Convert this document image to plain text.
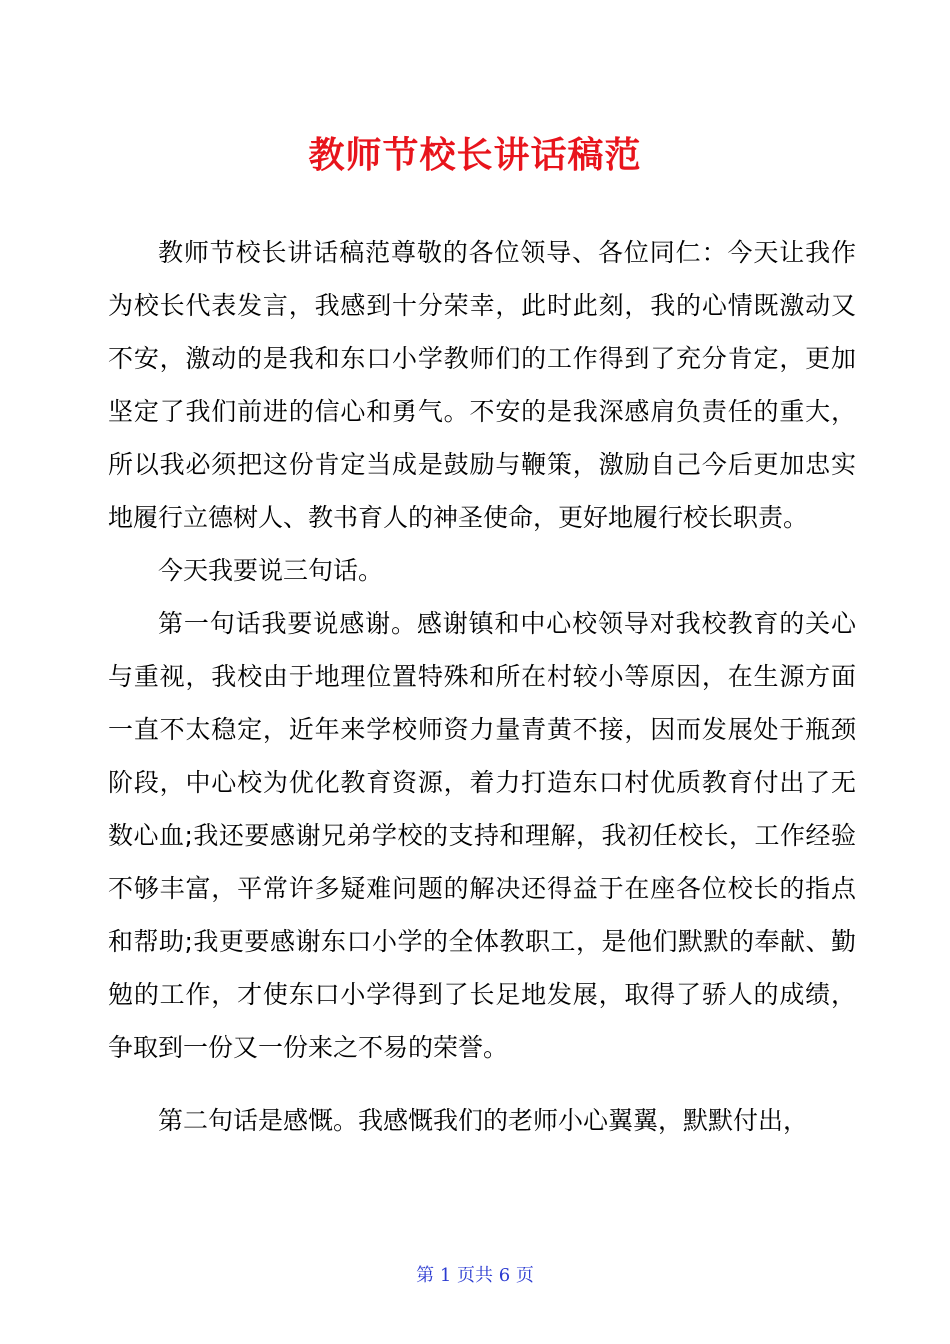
教师节校长讲话稿范

教师节校长讲话稿范尊敬的各位领导、各位同仁：今天让我作为校长代表发言，我感到十分荣幸，此时此刻，我的心情既激动又不安，激动的是我和东口小学教师们的工作得到了充分肯定，更加坚定了我们前进的信心和勇气。不安的是我深感肩负责任的重大，所以我必须把这份肯定当成是鼓励与鞭策，激励自己今后更加忠实地履行立德树人、教书育人的神圣使命，更好地履行校长职责。

今天我要说三句话。

第一句话我要说感谢。感谢镇和中心校领导对我校教育的关心与重视，我校由于地理位置特殊和所在村较小等原因，在生源方面一直不太稳定，近年来学校师资力量青黄不接，因而发展处于瓶颈阶段，中心校为优化教育资源，着力打造东口村优质教育付出了无数心血;我还要感谢兄弟学校的支持和理解，我初任校长，工作经验不够丰富，平常许多疑难问题的解决还得益于在座各位校长的指点和帮助;我更要感谢东口小学的全体教职工，是他们默默的奉献、勤勉的工作，才使东口小学得到了长足地发展，取得了骄人的成绩，争取到一份又一份来之不易的荣誉。

第二句话是感慨。我感慨我们的老师小心翼翼，默默付出，

第 1 页共 6 页
